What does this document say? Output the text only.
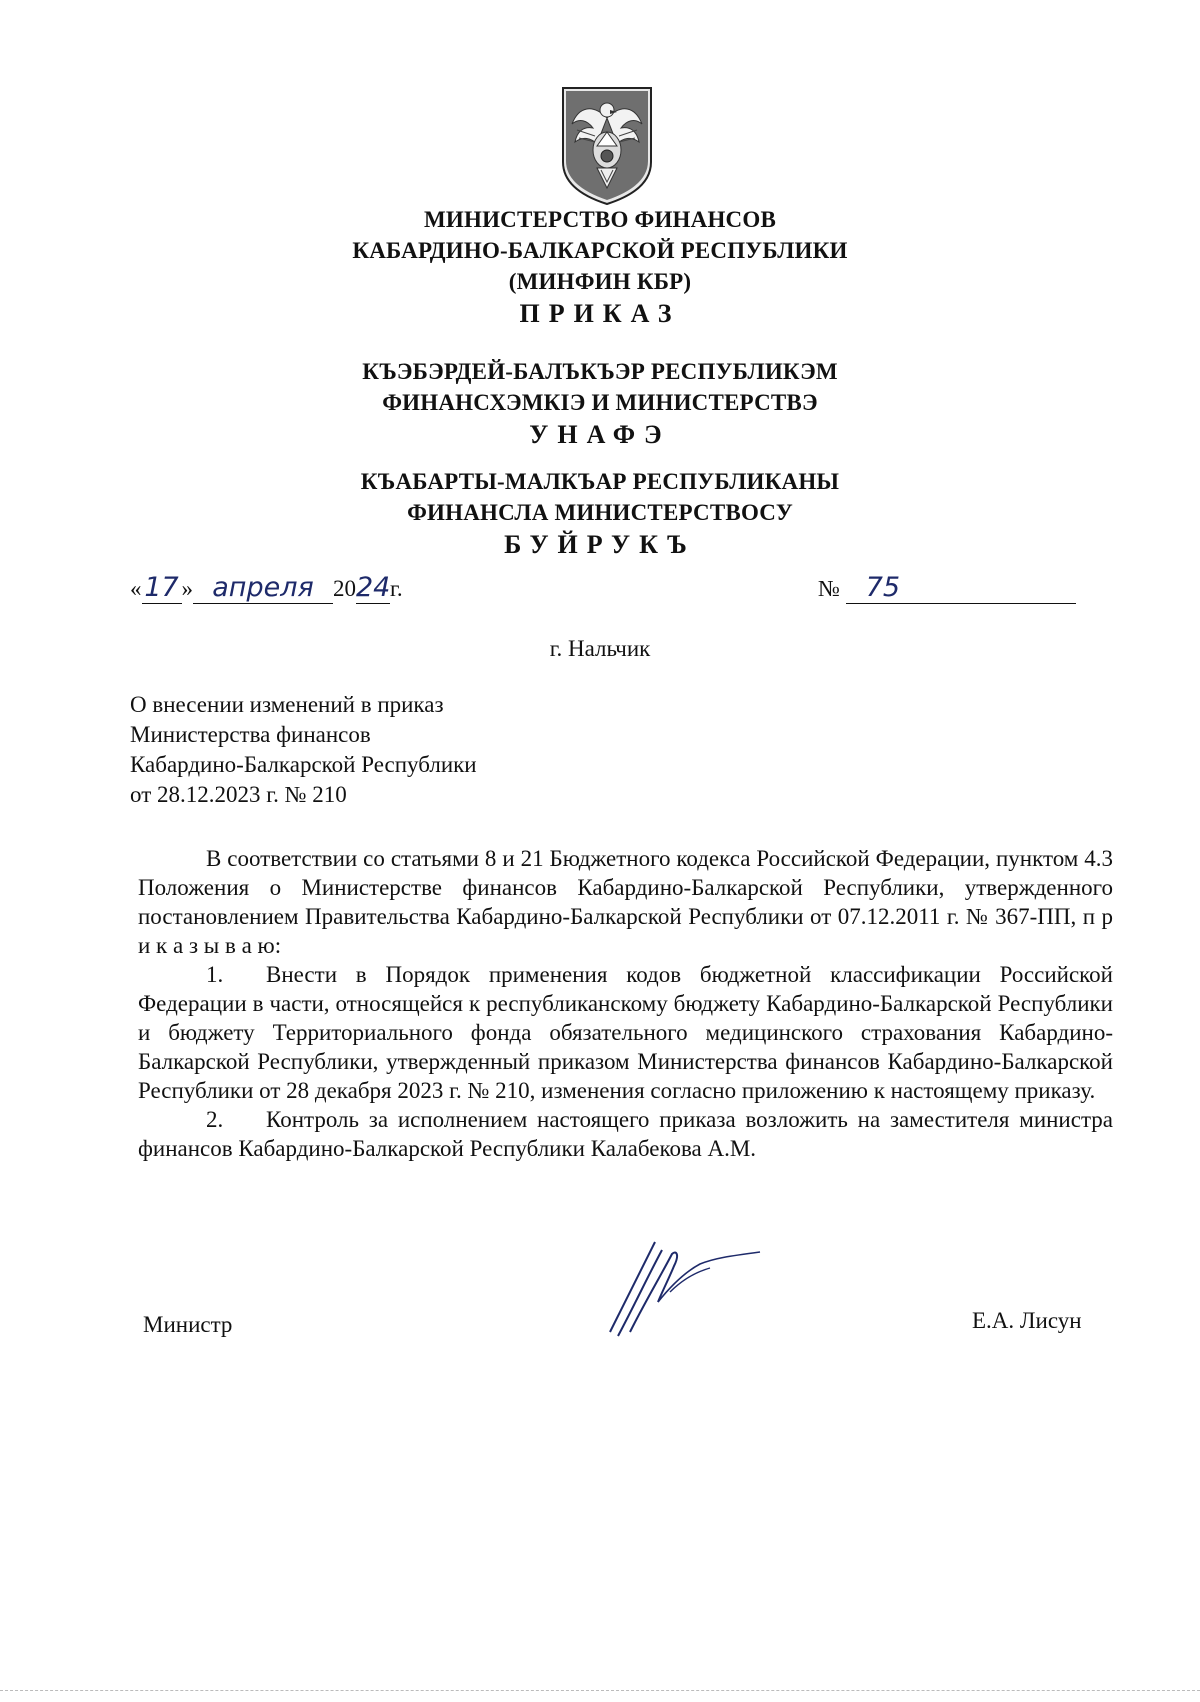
МИНИСТЕРСТВО ФИНАНСОВ
КАБАРДИНО-БАЛКАРСКОЙ РЕСПУБЛИКИ
(МИНФИН КБР)
ПРИКАЗ
КЪЭБЭРДЕЙ-БАЛЪКЪЭР РЕСПУБЛИКЭМ
ФИНАНСХЭМКІЭ И МИНИСТЕРСТВЭ
УНАФЭ
КЪАБАРТЫ-МАЛКЪАР РЕСПУБЛИКАНЫ
ФИНАНСЛА МИНИСТЕРСТВОСУ
БУЙРУКЪ
« 17 » апреля 2024г.	№ 75
г. Нальчик
О внесении изменений в приказ
Министерства финансов
Кабардино-Балкарской Республики
от 28.12.2023 г. № 210

В соответствии со статьями 8 и 21 Бюджетного кодекса Российской Федерации, пунктом 4.3 Положения о Министерстве финансов Кабардино-Балкарской Республики, утвержденного постановлением Правительства Кабардино-Балкарской Республики от 07.12.2011 г. № 367-ПП, п р и к а з ы в а ю:

1. Внести в Порядок применения кодов бюджетной классификации Российской Федерации в части, относящейся к республиканскому бюджету Кабардино-Балкарской Республики и бюджету Территориального фонда обязательного медицинского страхования Кабардино-Балкарской Республики, утвержденный приказом Министерства финансов Кабардино-Балкарской Республики от 28 декабря 2023 г. № 210, изменения согласно приложению к настоящему приказу.

2. Контроль за исполнением настоящего приказа возложить на заместителя министра финансов Кабардино-Балкарской Республики Калабекова А.М.

Министр	Е.А. Лисун
